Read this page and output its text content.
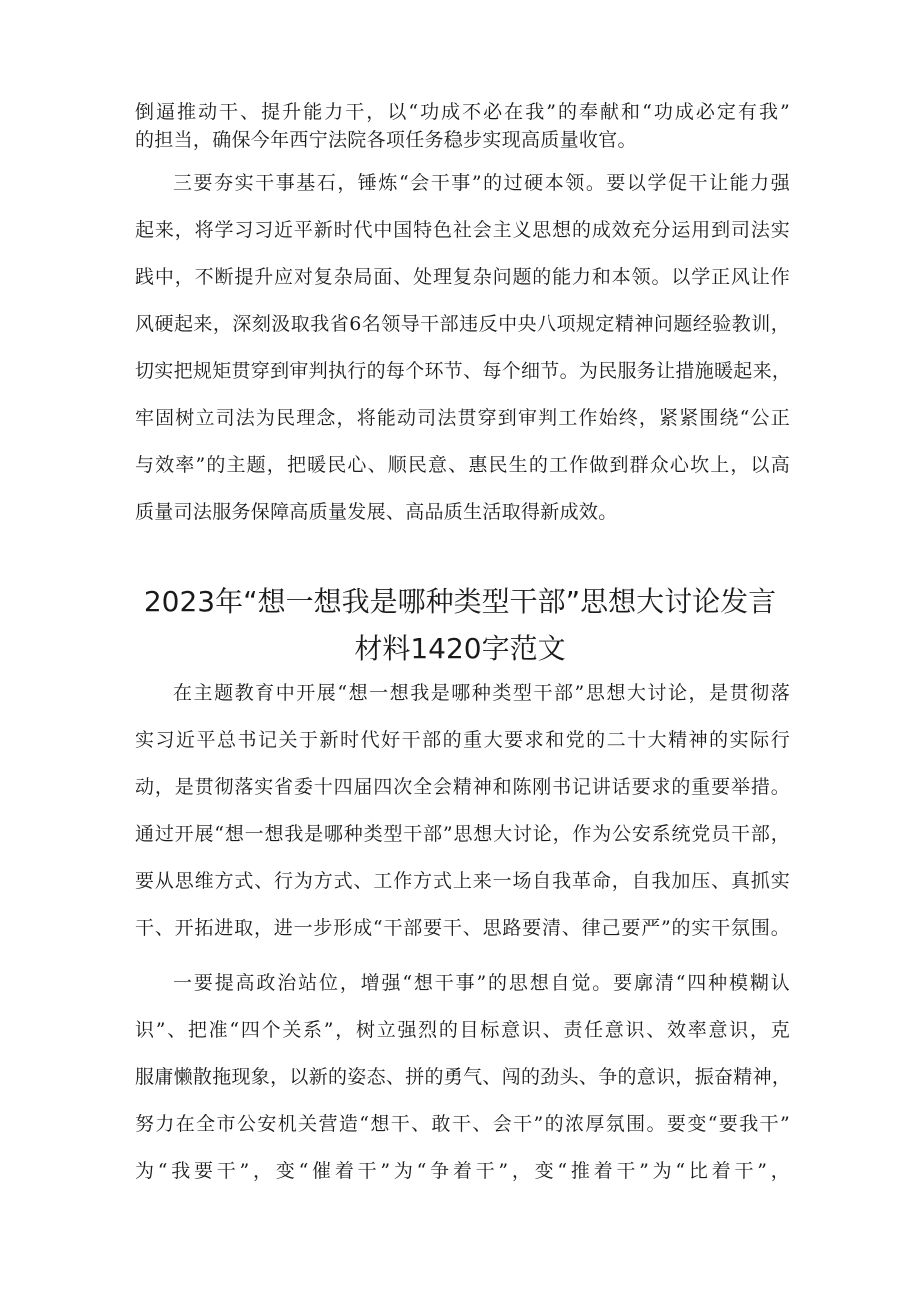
倒逼推动干、提升能力干，以“功成不必在我”的奉献和“功成必定有我”
的担当，确保今年西宁法院各项任务稳步实现高质量收官。
三要夯实干事基石，锤炼“会干事”的过硬本领。要以学促干让能力强
起来，将学习习近平新时代中国特色社会主义思想的成效充分运用到司法实
践中，不断提升应对复杂局面、处理复杂问题的能力和本领。以学正风让作
风硬起来，深刻汲取我省6名领导干部违反中央八项规定精神问题经验教训，
切实把规矩贯穿到审判执行的每个环节、每个细节。为民服务让措施暖起来，
牢固树立司法为民理念，将能动司法贯穿到审判工作始终，紧紧围绕“公正
与效率”的主题，把暖民心、顺民意、惠民生的工作做到群众心坎上，以高
质量司法服务保障高质量发展、高品质生活取得新成效。
2023年“想一想我是哪种类型干部”思想大讨论发言
材料1420字范文
在主题教育中开展“想一想我是哪种类型干部”思想大讨论，是贯彻落
实习近平总书记关于新时代好干部的重大要求和党的二十大精神的实际行
动，是贯彻落实省委十四届四次全会精神和陈刚书记讲话要求的重要举措。
通过开展“想一想我是哪种类型干部”思想大讨论，作为公安系统党员干部，
要从思维方式、行为方式、工作方式上来一场自我革命，自我加压、真抓实
干、开拓进取，进一步形成“干部要干、思路要清、律己要严”的实干氛围。
一要提高政治站位，增强“想干事”的思想自觉。要廓清“四种模糊认
识”、把准“四个关系”，树立强烈的目标意识、责任意识、效率意识，克
服庸懒散拖现象，以新的姿态、拼的勇气、闯的劲头、争的意识，振奋精神，
努力在全市公安机关营造“想干、敢干、会干”的浓厚氛围。要变“要我干”
为“我要干”，变“催着干”为“争着干”，变“推着干”为“比着干”，
